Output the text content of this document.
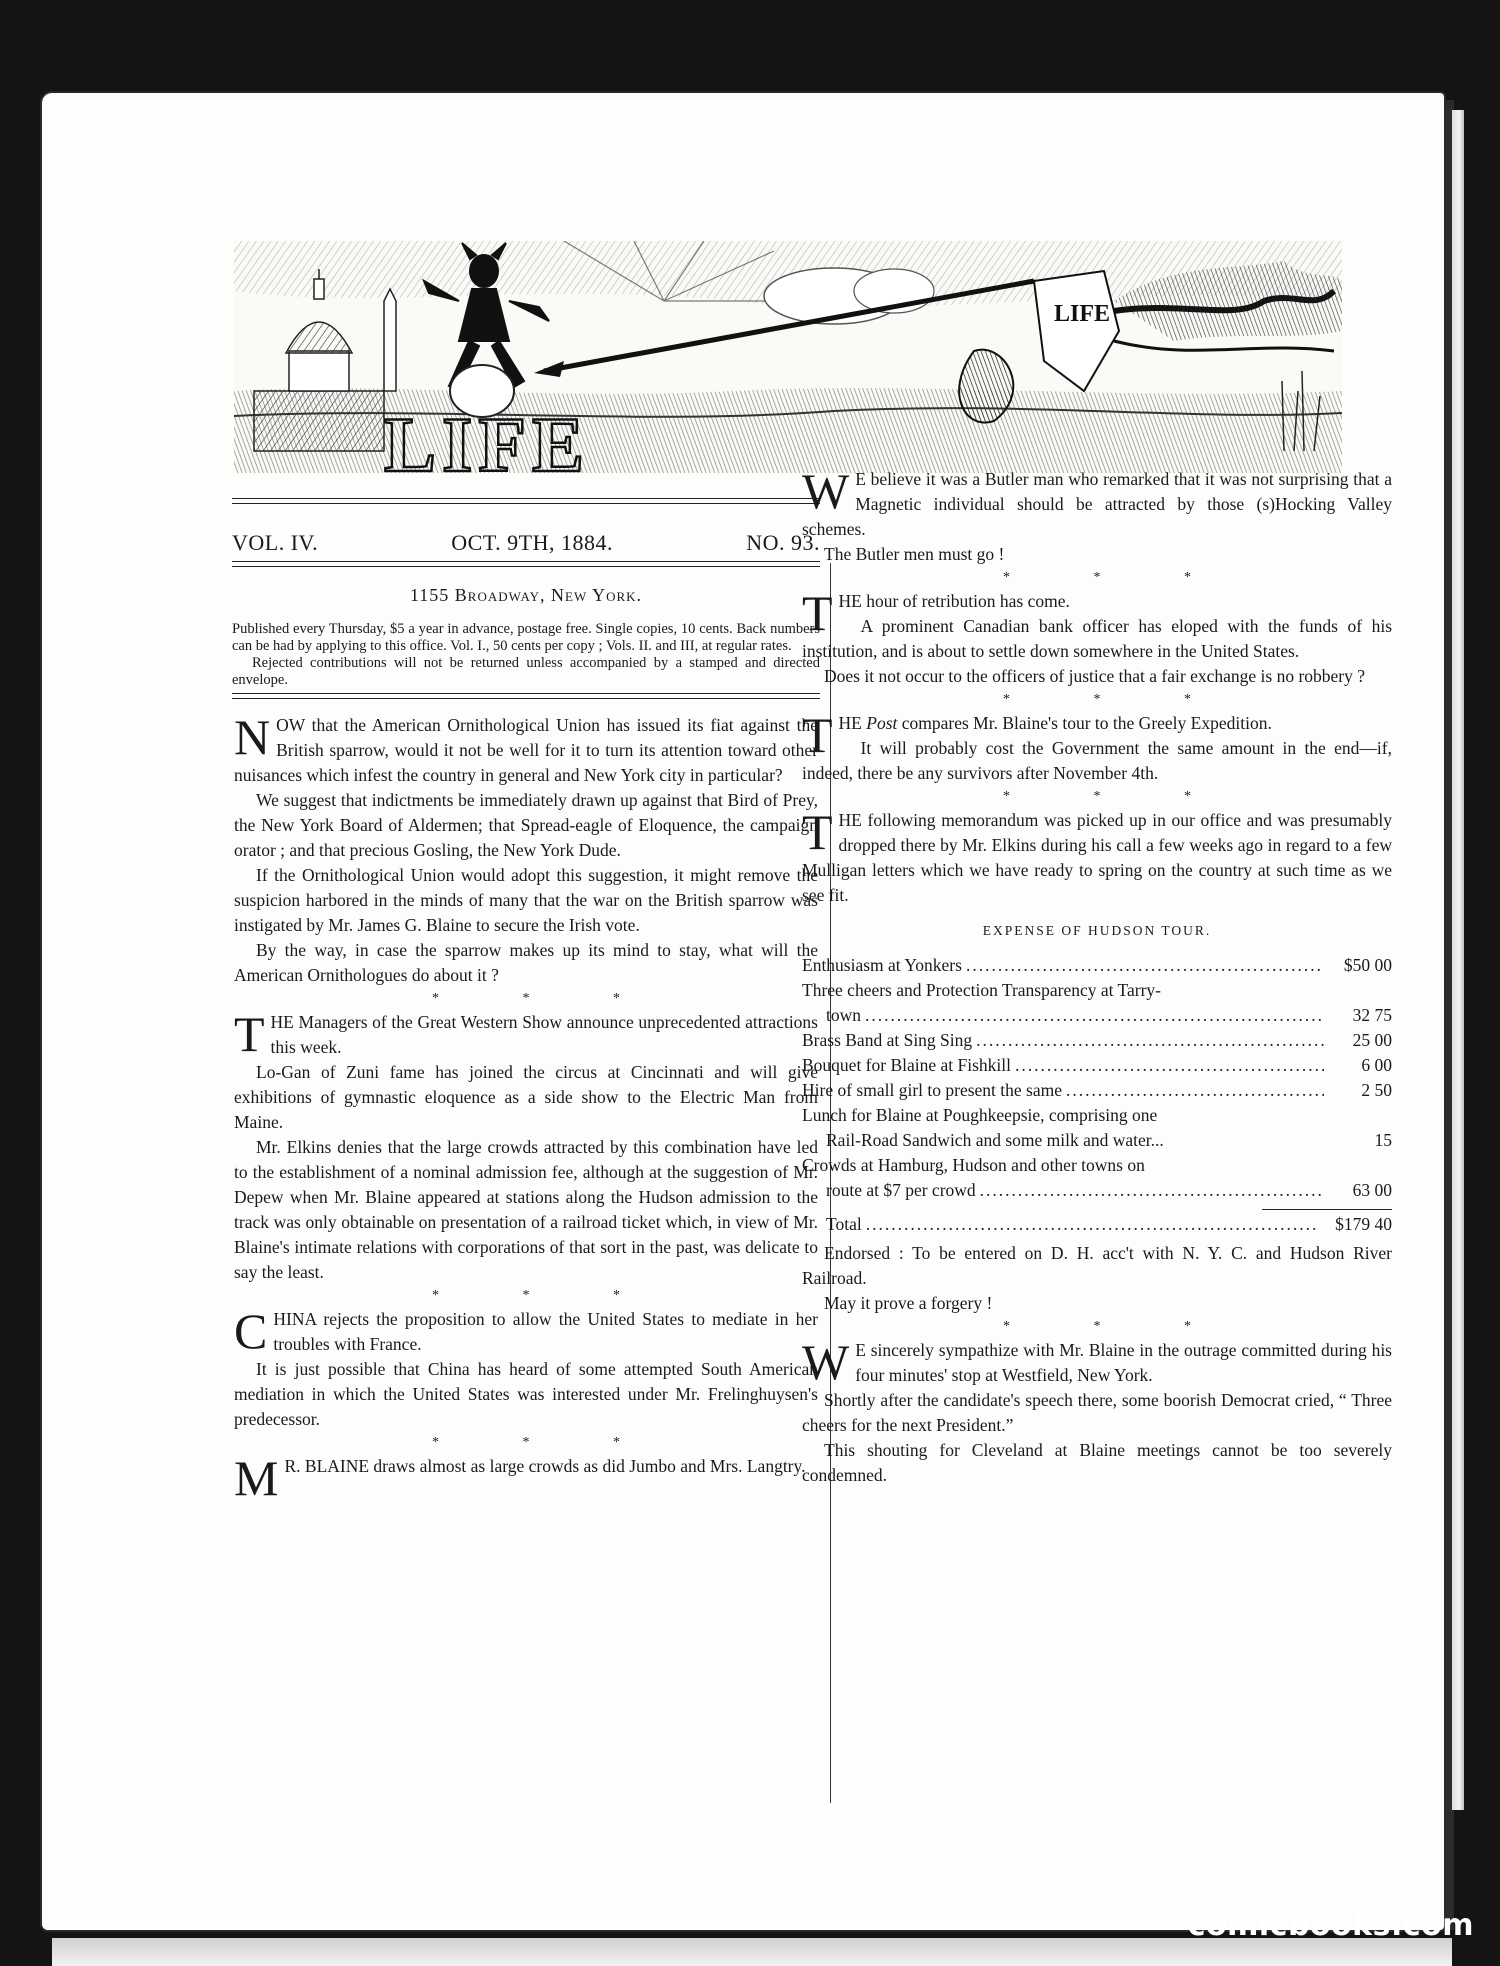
LIFE
LIFE
VOL. IV.	OCT. 9TH, 1884.	NO. 93.
1155 Broadway, New York.

Published every Thursday, $5 a year in advance, postage free. Single copies, 10 cents. Back numbers can be had by applying to this office. Vol. I., 50 cents per copy ; Vols. II. and III, at regular rates.

Rejected contributions will not be returned unless accompanied by a stamped and directed envelope.

N OW that the American Ornithological Union has issued its fiat against the British sparrow, would it not be well for it to turn its attention toward other nuisances which infest the country in general and New York city in particular?

We suggest that indictments be immediately drawn up against that Bird of Prey, the New York Board of Aldermen; that Spread-eagle of Eloquence, the campaign orator ; and that precious Gosling, the New York Dude.

If the Ornithological Union would adopt this suggestion, it might remove the suspicion harbored in the minds of many that the war on the British sparrow was instigated by Mr. James G. Blaine to secure the Irish vote.

By the way, in case the sparrow makes up its mind to stay, what will the American Ornithologues do about it ?

* * *
T HE Managers of the Great Western Show announce unprecedented attractions this week.

Lo-Gan of Zuni fame has joined the circus at Cincinnati and will give exhibitions of gymnastic eloquence as a side show to the Electric Man from Maine.

Mr. Elkins denies that the large crowds attracted by this combination have led to the establishment of a nominal admission fee, although at the suggestion of Mr. Depew when Mr. Blaine appeared at stations along the Hudson admission to the track was only obtainable on presentation of a railroad ticket which, in view of Mr. Blaine's intimate relations with corporations of that sort in the past, was delicate to say the least.

* * *
C HINA rejects the proposition to allow the United States to mediate in her troubles with France.

It is just possible that China has heard of some attempted South American mediation in which the United States was interested under Mr. Frelinghuysen's predecessor.

* * *
M R. BLAINE draws almost as large crowds as did Jumbo and Mrs. Langtry.
W E believe it was a Butler man who remarked that it was not surprising that a Magnetic individual should be attracted by those (s)Hocking Valley schemes.

The Butler men must go !

* * *
T HE hour of retribution has come.

A prominent Canadian bank officer has eloped with the funds of his institution, and is about to settle down somewhere in the United States.

Does it not occur to the officers of justice that a fair exchange is no robbery ?

* * *
T HE Post compares Mr. Blaine's tour to the Greely Expedition.

It will probably cost the Government the same amount in the end—if, indeed, there be any survivors after November 4th.

* * *
T HE following memorandum was picked up in our office and was presumably dropped there by Mr. Elkins during his call a few weeks ago in regard to a few Mulligan letters which we have ready to spring on the country at such time as we see fit.
EXPENSE OF HUDSON TOUR.
Enthusiasm at Yonkers .....	$50 00
Three cheers and Protection Transparency at Tarry-
town .....	32 75
Brass Band at Sing Sing .....	25 00
Bouquet for Blaine at Fishkill .....	6 00
Hire of small girl to present the same .....	2 50
Lunch for Blaine at Poughkeepsie, comprising one
Rail-Road Sandwich and some milk and water...	15
Crowds at Hamburg, Hudson and other towns on
route at $7 per crowd .....	63 00
Total .....	$179 40

Endorsed : To be entered on D. H. acc't with N. Y. C. and Hudson River Railroad.

May it prove a forgery !

* * *
W E sincerely sympathize with Mr. Blaine in the outrage committed during his four minutes' stop at Westfield, New York.

Shortly after the candidate's speech there, some boorish Democrat cried, “ Three cheers for the next President.”

This shouting for Cleveland at Blaine meetings cannot be too severely condemned.

comicbooks.com
